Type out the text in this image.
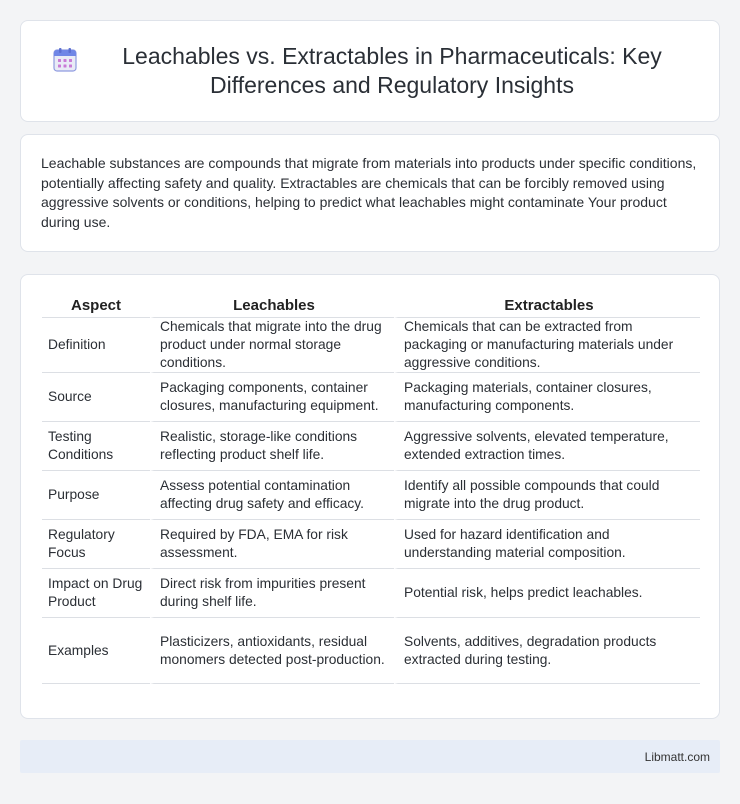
Leachables vs. Extractables in Pharmaceuticals: Key Differences and Regulatory Insights

Leachable substances are compounds that migrate from materials into products under specific conditions, potentially affecting safety and quality. Extractables are chemicals that can be forcibly removed using aggressive solvents or conditions, helping to predict what leachables might contaminate Your product during use.

Aspect	Leachables	Extractables
Definition	Chemicals that migrate into the drug product under normal storage conditions.	Chemicals that can be extracted from packaging or manufacturing materials under aggressive conditions.
Source	Packaging components, container closures, manufacturing equipment.	Packaging materials, container closures, manufacturing components.
Testing Conditions	Realistic, storage-like conditions reflecting product shelf life.	Aggressive solvents, elevated temperature, extended extraction times.
Purpose	Assess potential contamination affecting drug safety and efficacy.	Identify all possible compounds that could migrate into the drug product.
Regulatory Focus	Required by FDA, EMA for risk assessment.	Used for hazard identification and understanding material composition.
Impact on Drug Product	Direct risk from impurities present during shelf life.	Potential risk, helps predict leachables.
Examples	Plasticizers, antioxidants, residual monomers detected post-production.	Solvents, additives, degradation products extracted during testing.
Libmatt.com
